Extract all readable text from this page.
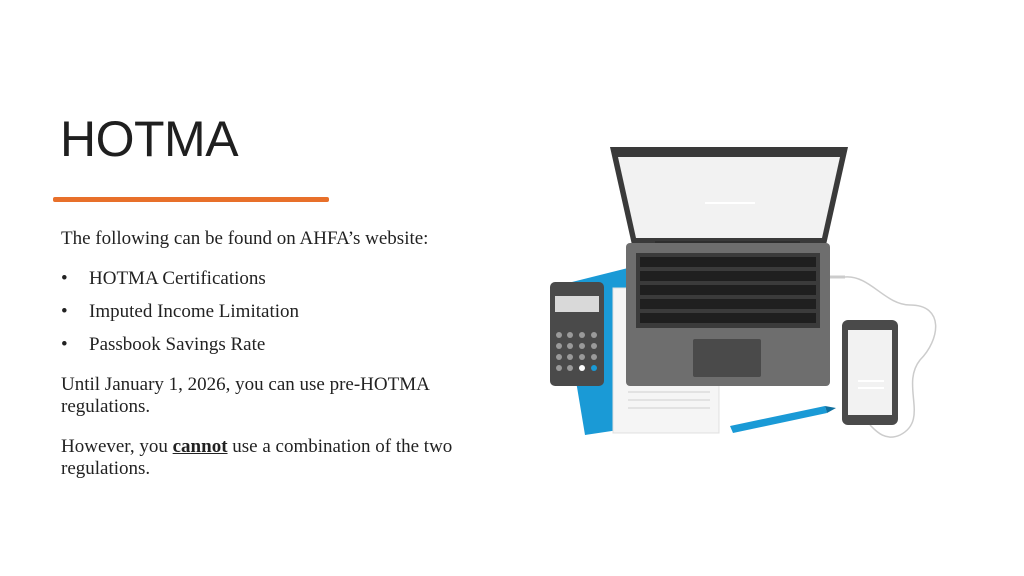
HOTMA

The following can be found on AHFA’s website:

• HOTMA Certifications
• Imputed Income Limitation
• Passbook Savings Rate

Until January 1, 2026, you can use pre-HOTMA regulations.

However, you cannot use a combination of the two regulations.
